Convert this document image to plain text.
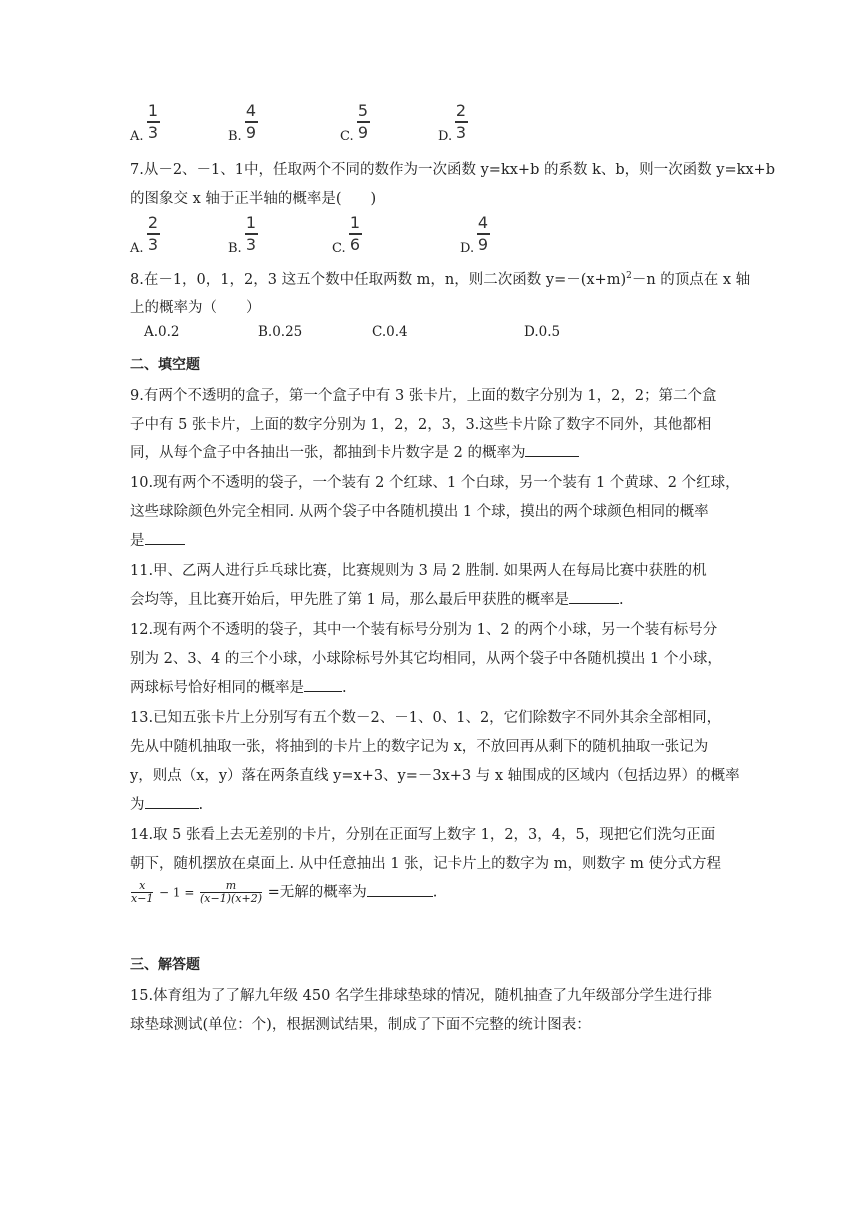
A.
1
3	B.
4
9	C.
5
9	D.
2
3
7.从－2、－1、1中，任取两个不同的数作为一次函数 y=kx+b 的系数 k、b，则一次函数 y=kx+b
的图象交 x 轴于正半轴的概率是(　　)
A.
2
3	B.
1
3	C.
1
6	D.
4
9
8.在－1，0，1，2，3 这五个数中任取两数 m，n，则二次函数 $y=-(x+m)^2-n$ 的顶点在 x 轴
上的概率为（　　）
A.0.2	B.0.25	C.0.4	D.0.5
二、填空题
9.有两个不透明的盒子，第一个盒子中有 3 张卡片，上面的数字分别为 1，2，2；第二个盒
子中有 5 张卡片，上面的数字分别为 1，2，2，3，3.这些卡片除了数字不同外，其他都相
同，从每个盒子中各抽出一张，都抽到卡片数字是 2 的概率为
10.现有两个不透明的袋子，一个装有 2 个红球、1 个白球，另一个装有 1 个黄球、2 个红球，
这些球除颜色外完全相同. 从两个袋子中各随机摸出 1 个球，摸出的两个球颜色相同的概率
是
11.甲、乙两人进行乒乓球比赛，比赛规则为 3 局 2 胜制. 如果两人在每局比赛中获胜的机
会均等，且比赛开始后，甲先胜了第 1 局，那么最后甲获胜的概率是	.
12.现有两个不透明的袋子，其中一个装有标号分别为 1、2 的两个小球，另一个装有标号分
别为 2、3、4 的三个小球，小球除标号外其它均相同，从两个袋子中各随机摸出 1 个小球，
两球标号恰好相同的概率是	.
13.已知五张卡片上分别写有五个数－2、－1、0、1、2，它们除数字不同外其余全部相同，
先从中随机抽取一张，将抽到的卡片上的数字记为 x，不放回再从剩下的随机抽取一张记为
y，则点（x，y）落在两条直线 y=x+3、y=－3x+3 与 x 轴围成的区域内（包括边界）的概率
为	.
14.取 5 张看上去无差别的卡片，分别在正面写上数字 1，2，3，4，5，现把它们洗匀正面
朝下，随机摆放在桌面上. 从中任意抽出 1 张，记卡片上的数字为 m，则数字 m 使分式方程
$\frac{x}{x-1} - 1 = \frac{m}{(x-1)(x+2)}$ =无解的概率为	.
三、解答题
15.体育组为了了解九年级 450 名学生排球垫球的情况，随机抽查了九年级部分学生进行排
球垫球测试(单位：个)，根据测试结果，制成了下面不完整的统计图表：
